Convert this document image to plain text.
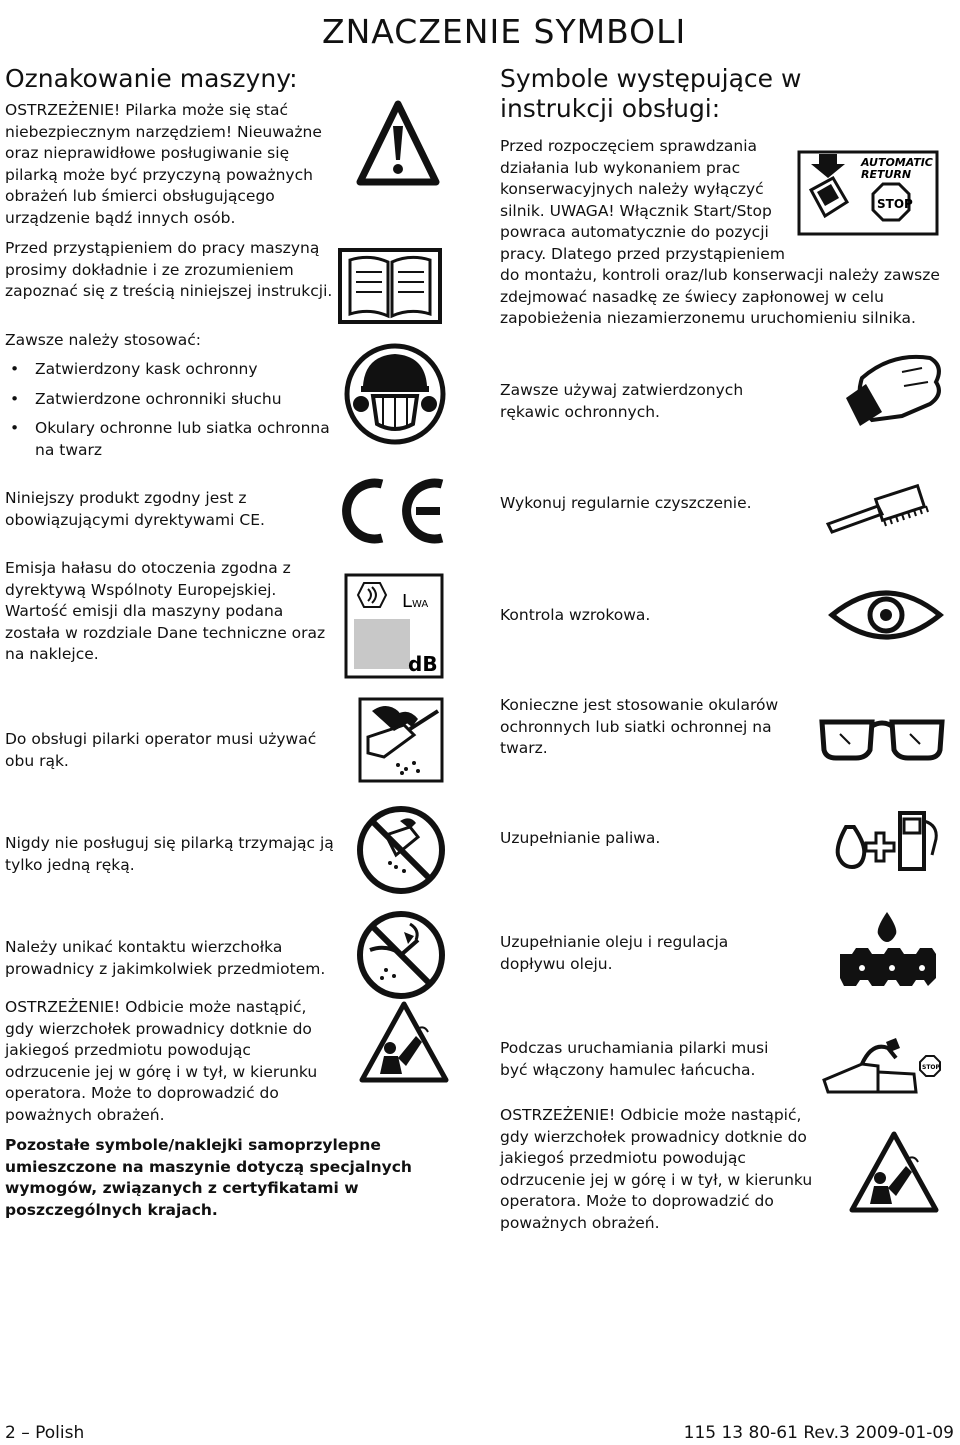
ZNACZENIE SYMBOLI
Oznakowanie maszyny:

OSTRZEŻENIE! Pilarka może się stać niebezpiecznym narzędziem! Nieuważne oraz nieprawidłowe posługiwanie się pilarką może być przyczyną poważnych obrażeń lub śmierci obsługującego urządzenie bądź innych osób.

Przed przystąpieniem do pracy maszyną prosimy dokładnie i ze zrozumieniem zapoznać się z treścią niniejszej instrukcji.

Zawsze należy stosować:

• Zatwierdzony kask ochronny
• Zatwierdzone ochronniki słuchu
• Okulary ochronne lub siatka ochronna na twarz

Niniejszy produkt zgodny jest z obowiązującymi dyrektywami CE.

Emisja hałasu do otoczenia zgodna z dyrektywą Wspólnoty Europejskiej. Wartość emisji dla maszyny podana została w rozdziale Dane techniczne oraz na naklejce.

Do obsługi pilarki operator musi używać obu rąk.

Nigdy nie posługuj się pilarką trzymając ją tylko jedną ręką.

Należy unikać kontaktu wierzchołka prowadnicy z jakimkolwiek przedmiotem.

OSTRZEŻENIE! Odbicie może nastąpić, gdy wierzchołek prowadnicy dotknie do jakiegoś przedmiotu powodując odrzucenie jej w górę i w tył, w kierunku operatora. Może to doprowadzić do poważnych obrażeń.

Pozostałe symbole/naklejki samoprzylepne umieszczone na maszynie dotyczą specjalnych wymogów, związanych z certyfikatami w poszczególnych krajach.

LWA
dB
Symbole występujące w instrukcji obsługi:
Przed rozpoczęciem sprawdzania
działania lub wykonaniem prac
konserwacyjnych należy wyłączyć
silnik. UWAGA! Włącznik Start/Stop
powraca automatycznie do pozycji
pracy. Dlatego przed przystąpieniem

do montażu, kontroli oraz/lub konserwacji należy zawsze zdejmować nasadkę ze świecy zapłonowej w celu zapobieżenia niezamierzonemu uruchomieniu silnika.

AUTOMATIC
RETURN
STOP

Zawsze używaj zatwierdzonych rękawic ochronnych.

Wykonuj regularnie czyszczenie.

Kontrola wzrokowa.

Konieczne jest stosowanie okularów ochronnych lub siatki ochronnej na twarz.

Uzupełnianie paliwa.

Uzupełnianie oleju i regulacja dopływu oleju.

Podczas uruchamiania pilarki musi być włączony hamulec łańcucha.	STOP

OSTRZEŻENIE! Odbicie może nastąpić, gdy wierzchołek prowadnicy dotknie do jakiegoś przedmiotu powodując odrzucenie jej w górę i w tył, w kierunku operatora. Może to doprowadzić do poważnych obrażeń.

2 – Polish	115 13 80-61 Rev.3 2009-01-09
